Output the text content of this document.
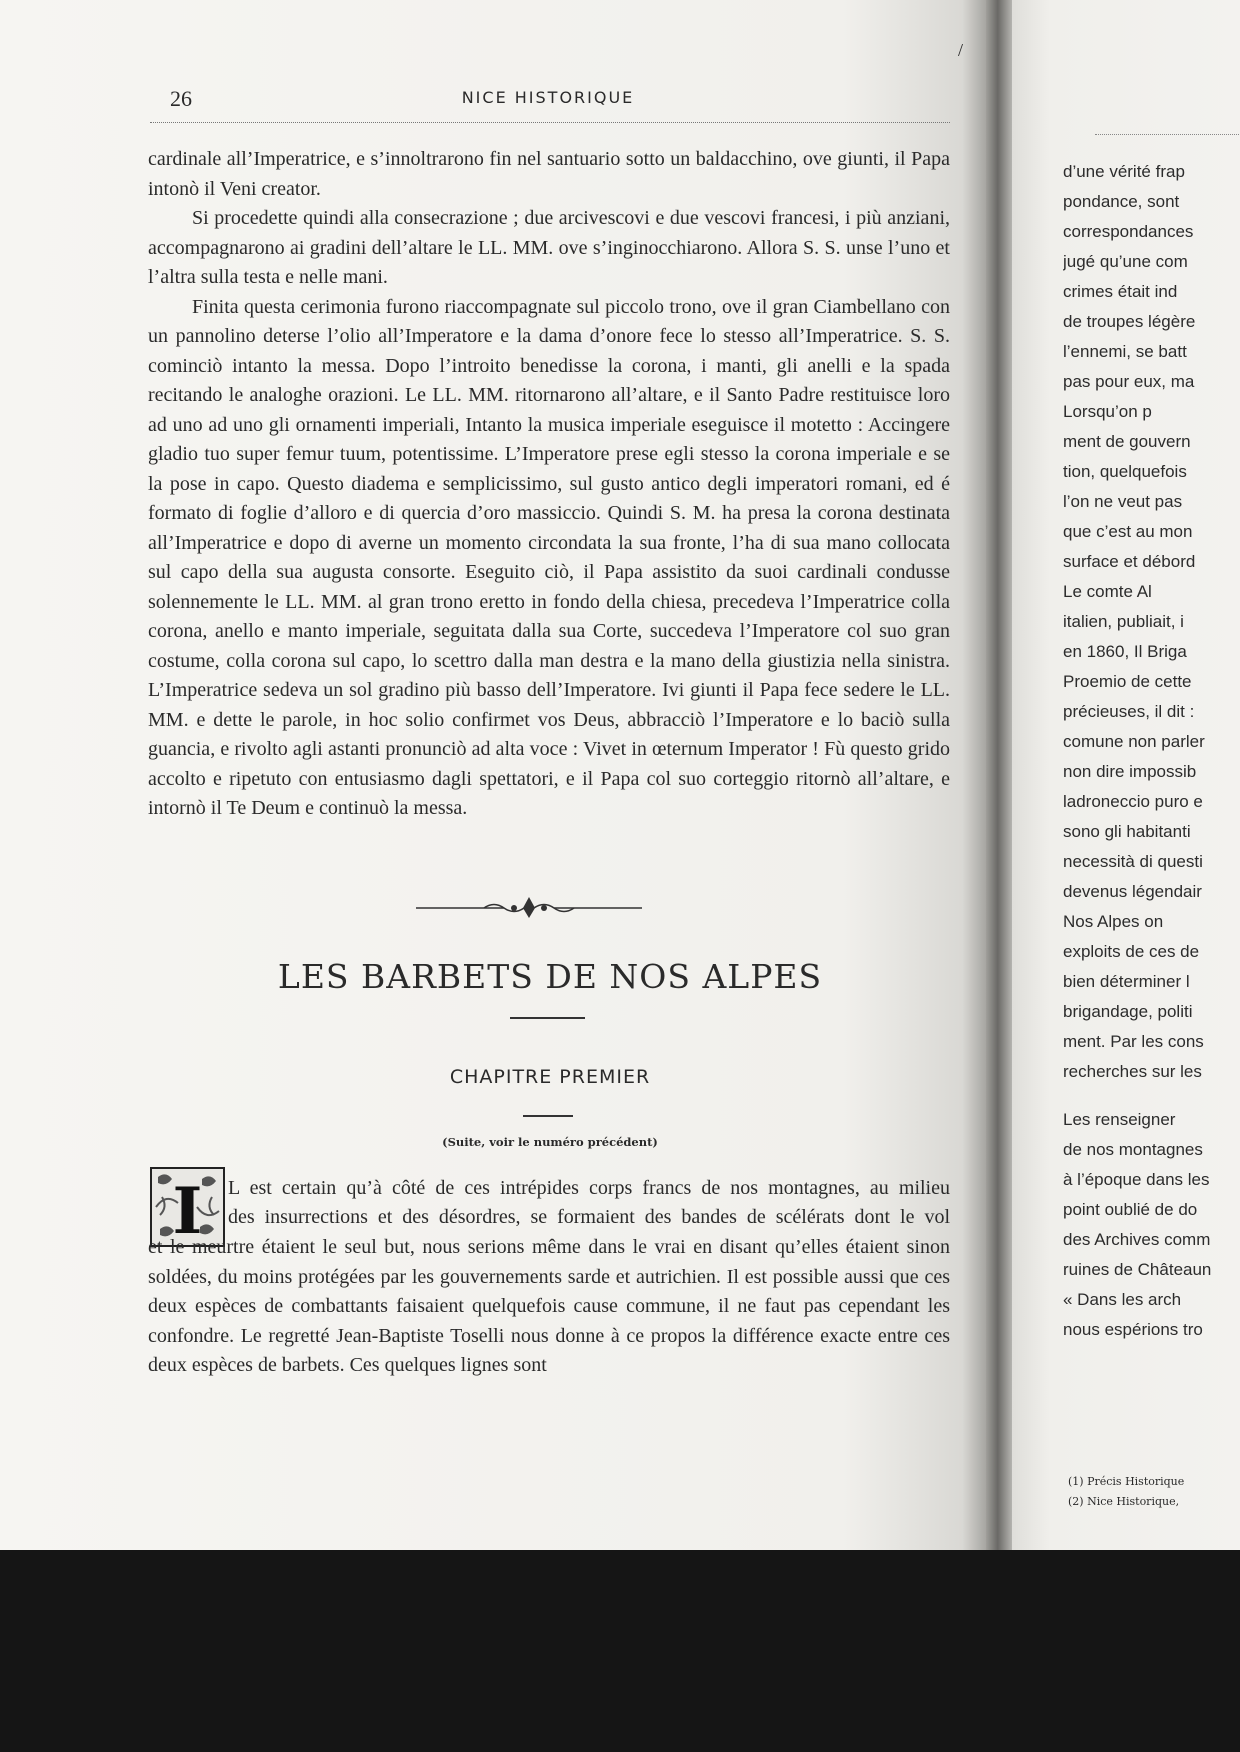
/
26	NICE HISTORIQUE

cardinale all’Imperatrice, e s’innoltrarono fin nel santuario sotto un baldacchino, ove giunti, il Papa intonò il Veni creator.

Si procedette quindi alla consecrazione ; due arcivescovi e due vescovi francesi, i più anziani, accompagnarono ai gradini dell’altare le LL. MM. ove s’inginocchiarono. Allora S. S. unse l’uno et l’altra sulla testa e nelle mani.

Finita questa cerimonia furono riaccompagnate sul piccolo trono, ove il gran Ciambellano con un pannolino deterse l’olio all’Imperatore e la dama d’onore fece lo stesso all’Imperatrice. S. S. cominciò intanto la messa. Dopo l’introito benedisse la corona, i manti, gli anelli e la spada recitando le analoghe orazioni. Le LL. MM. ritornarono all’altare, e il Santo Padre restituisce loro ad uno ad uno gli ornamenti imperiali, Intanto la musica imperiale eseguisce il motetto : Accingere gladio tuo super femur tuum, potentissime. L’Imperatore prese egli stesso la corona imperiale e se la pose in capo. Questo diadema e semplicissimo, sul gusto antico degli imperatori romani, ed é formato di foglie d’alloro e di quercia d’oro massiccio. Quindi S. M. ha presa la corona destinata all’Imperatrice e dopo di averne un momento circondata la sua fronte, l’ha di sua mano collocata sul capo della sua augusta consorte. Eseguito ciò, il Papa assistito da suoi cardinali condusse solennemente le LL. MM. al gran trono eretto in fondo della chiesa, precedeva l’Imperatrice colla corona, anello e manto imperiale, seguitata dalla sua Corte, succedeva l’Imperatore col suo gran costume, colla corona sul capo, lo scettro dalla man destra e la mano della giustizia nella sinistra. L’Imperatrice sedeva un sol gradino più basso dell’Imperatore. Ivi giunti il Papa fece sedere le LL. MM. e dette le parole, in hoc solio confirmet vos Deus, abbracciò l’Imperatore e lo baciò sulla guancia, e rivolto agli astanti pronunciò ad alta voce : Vivet in œternum Imperator ! Fù questo grido accolto e ripetuto con entusiasmo dagli spettatori, e il Papa col suo corteggio ritornò all’altare, e intornò il Te Deum e continuò la messa.

LES BARBETS DE NOS ALPES
CHAPITRE PREMIER
(Suite, voir le numéro précédent)
I L est certain qu’à côté de ces intrépides corps francs de nos montagnes, au milieu
des insurrections et des désordres, se formaient des bandes de scélérats dont le vol

et le meurtre étaient le seul but, nous serions même dans le vrai en disant qu’elles étaient sinon soldées, du moins protégées par les gouvernements sarde et autrichien. Il est possible aussi que ces deux espèces de combattants faisaient quelquefois cause commune, il ne faut pas cependant les confondre. Le regretté Jean-Baptiste Toselli nous donne à ce propos la différence exacte entre ces deux espèces de barbets. Ces quelques lignes sont

d’une vérité frap
pondance, sont
correspondances
jugé qu’une com
crimes était ind
de troupes légère
l’ennemi, se batt
pas pour eux, ma
Lorsqu’on p
ment de gouvern
tion, quelquefois
l’on ne veut pas
que c’est au mon
surface et débord
Le comte Al
italien, publiait, i
en 1860, Il Briga
Proemio de cette
précieuses, il dit :
comune non parler
non dire impossib
ladroneccio puro e
sono gli habitanti
necessità di questi
devenus légendair
Nos Alpes on
exploits de ces de
bien déterminer l
brigandage, politi
ment. Par les cons
recherches sur les
Les renseigner
de nos montagnes
à l’époque dans les
point oublié de do
des Archives comm
ruines de Châteaun
« Dans les arch
nous espérions tro
(1) Précis Historique
(2) Nice Historique,
